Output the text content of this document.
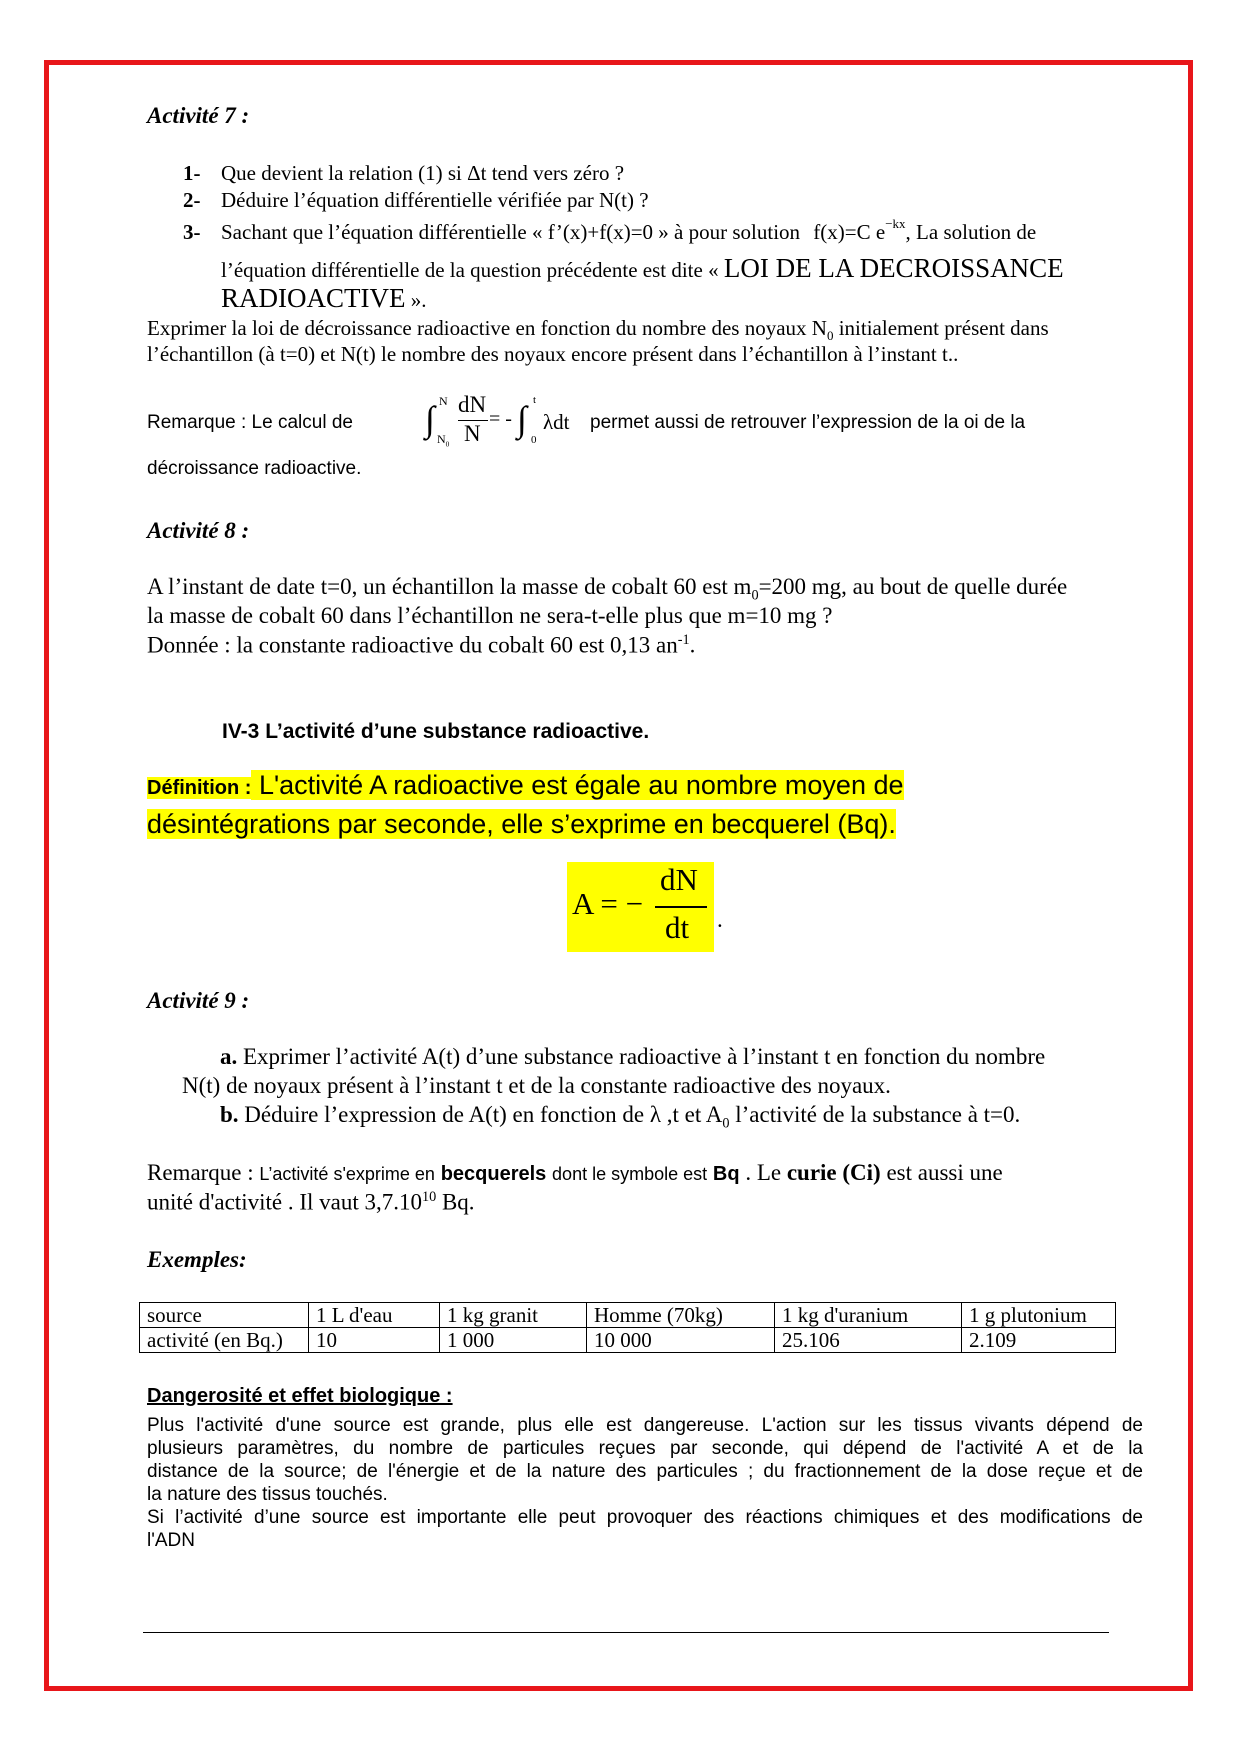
Activité 7 :
1- Que devient la relation (1) si Δt tend vers zéro ?
2- Déduire l’équation différentielle vérifiée par N(t) ?
3- Sachant que l’équation différentielle « f’(x)+f(x)=0 » à pour solution f(x)=C $e^{-kx}$, La solution de
l’équation différentielle de la question précédente est dite « LOI DE LA DECROISSANCE
RADIOACTIVE ».
Exprimer la loi de décroissance radioactive en fonction du nombre des noyaux $N_0$ initialement présent dans
l’échantillon (à t=0) et N(t) le nombre des noyaux encore présent dans l’échantillon à l’instant t..
Remarque : Le calcul de ∫ N
$N_0$
dN
N
= - ∫ t
0
λdt permet aussi de retrouver l’expression de la oi de la
décroissance radioactive.
Activité 8 :
A l’instant de date t=0, un échantillon la masse de cobalt 60 est $m_0=200$ mg, au bout de quelle durée
la masse de cobalt 60 dans l’échantillon ne sera-t-elle plus que m=10 mg ?
Donnée : la constante radioactive du cobalt 60 est 0,13 $an^{-1}$.
IV-3 L’activité d’une substance radioactive.
Définition : L'activité A radioactive est égale au nombre moyen de
désintégrations par seconde, elle s’exprime en becquerel (Bq).
A = −
dN
dt .
Activité 9 :
a. Exprimer l’activité A(t) d’une substance radioactive à l’instant t en fonction du nombre
N(t) de noyaux présent à l’instant t et de la constante radioactive des noyaux.
b. Déduire l’expression de A(t) en fonction de λ ,t et $A_0$ l’activité de la substance à t=0.
Remarque : L’activité s'exprime en becquerels dont le symbole est Bq . Le curie (Ci) est aussi une
unité d'activité . Il vaut 3,7.10$^{10}$ Bq.
Exemples:
source	1 L d'eau	1 kg granit	Homme (70kg)	1 kg d'uranium	1 g plutonium
activité (en Bq.)	10	1 000	10 000	25.106	2.109
Dangerosité et effet biologique :
Plus l'activité d'une source est grande, plus elle est dangereuse. L'action sur les tissus vivants dépend de
plusieurs paramètres, du nombre de particules reçues par seconde, qui dépend de l'activité A et de la
distance de la source; de l'énergie et de la nature des particules ; du fractionnement de la dose reçue et de
la nature des tissus touchés.
Si l’activité d’une source est importante elle peut provoquer des réactions chimiques et des modifications de
l'ADN
